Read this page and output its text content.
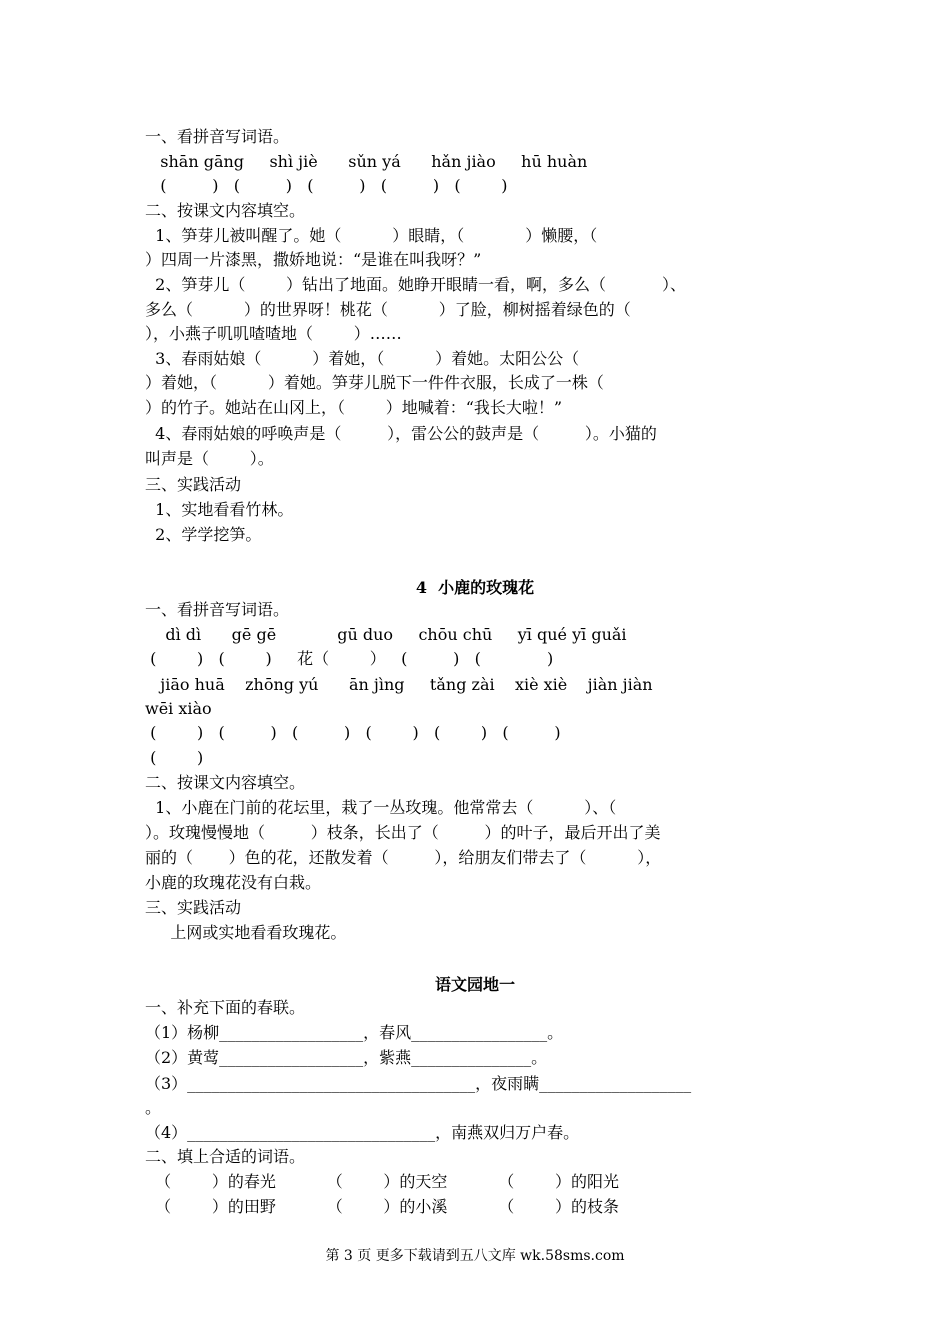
一、看拼音写词语。
shān gāng     shì jiè      sǔn yá      hǎn jiào     hū huàn
(         )   (         )   (         )   (         )   (        )
二、按课文内容填空。
1、笋芽儿被叫醒了。她（          ）眼睛，（            ）懒腰，（
）四周一片漆黑，撒娇地说：“是谁在叫我呀？”
2、笋芽儿（        ）钻出了地面。她睁开眼睛一看，啊，多么（           ）、
多么（          ）的世界呀！桃花（          ）了脸，柳树摇着绿色的（
），小燕子叽叽喳喳地（        ）……
3、春雨姑娘（          ）着她，（          ）着她。太阳公公（
）着她，（          ）着她。笋芽儿脱下一件件衣服，长成了一株（
）的竹子。她站在山冈上，（        ）地喊着：“我长大啦！”
4、春雨姑娘的呼唤声是（         ），雷公公的鼓声是（         ）。小猫的
叫声是（        ）。
三、实践活动
1、实地看看竹林。
2、学学挖笋。
4  小鹿的玫瑰花
一、看拼音写词语。
dì dì      gē gē            gū duo     chōu chū     yī qué yī guǎi
(        )   (        )     花（        ）   (         )   (             )
jiāo huā    zhōng yú      ān jìng     tǎng zài    xiè xiè    jiàn jiàn
wēi xiào
(        )   (         )   (         )   (        )   (        )   (         )
(        )
二、按课文内容填空。
1、小鹿在门前的花坛里，栽了一丛玫瑰。他常常去（          ）、（
）。玫瑰慢慢地（         ）枝条，长出了（         ）的叶子，最后开出了美
丽的（       ）色的花，还散发着（         ），给朋友们带去了（          ），
小鹿的玫瑰花没有白栽。
三、实践活动
上网或实地看看玫瑰花。
语文园地一
一、补充下面的春联。
（1）杨柳__________________，春风_________________。
（2）黄莺__________________，紫燕_______________。
（3）____________________________________，夜雨瞒___________________
。
（4）_______________________________，南燕双归万户春。
二、填上合适的词语。
（        ）的春光          （        ）的天空          （        ）的阳光
（        ）的田野          （        ）的小溪          （        ）的枝条
第 3 页 更多下载请到五八文库 wk.58sms.com
